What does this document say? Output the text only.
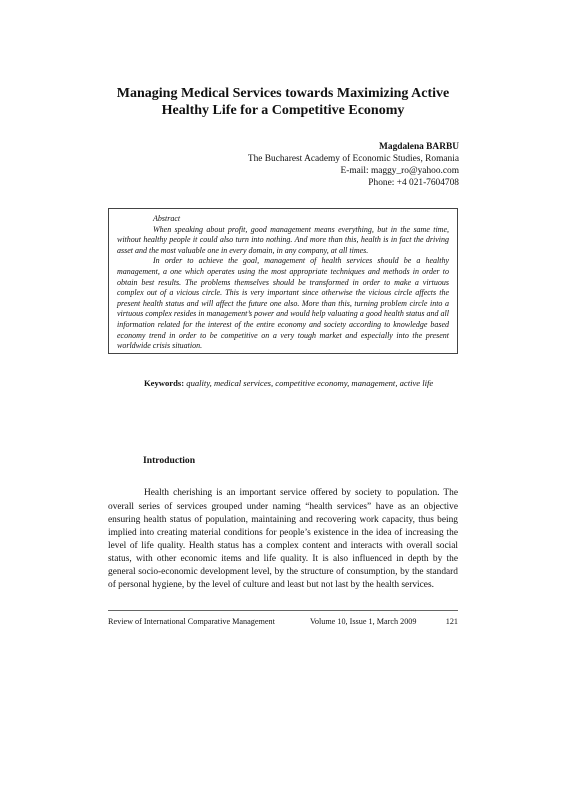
Managing Medical Services towards Maximizing Active
Healthy Life for a Competitive Economy
Magdalena BARBU
The Bucharest Academy of Economic Studies, Romania
E-mail: maggy_ro@yahoo.com
Phone: +4 021-7604708
Abstract

When speaking about profit, good management means everything, but in the same time, without healthy people it could also turn into nothing. And more than this, health is in fact the driving asset and the most valuable one in every domain, in any company, at all times.

In order to achieve the goal, management of health services should be a healthy management, a one which operates using the most appropriate techniques and methods in order to obtain best results. The problems themselves should be transformed in order to make a virtuous complex out of a vicious circle. This is very important since otherwise the vicious circle affects the present health status and will affect the future one also. More than this, turning problem circle into a virtuous complex resides in management’s power and would help valuating a good health status and all information related for the interest of the entire economy and society according to knowledge based economy trend in order to be competitive on a very tough market and especially into the present worldwide crisis situation.

Keywords: quality, medical services, competitive economy, management, active life
Introduction

Health cherishing is an important service offered by society to population. The overall series of services grouped under naming “health services” have as an objective ensuring health status of population, maintaining and recovering work capacity, thus being implied into creating material conditions for people’s existence in the idea of increasing the level of life quality. Health status has a complex content and interacts with overall social status, with other economic items and life quality. It is also influenced in depth by the general socio-economic development level, by the structure of consumption, by the standard of personal hygiene, by the level of culture and least but not last by the health services.

Review of International Comparative Management	Volume 10, Issue 1, March 2009	121
